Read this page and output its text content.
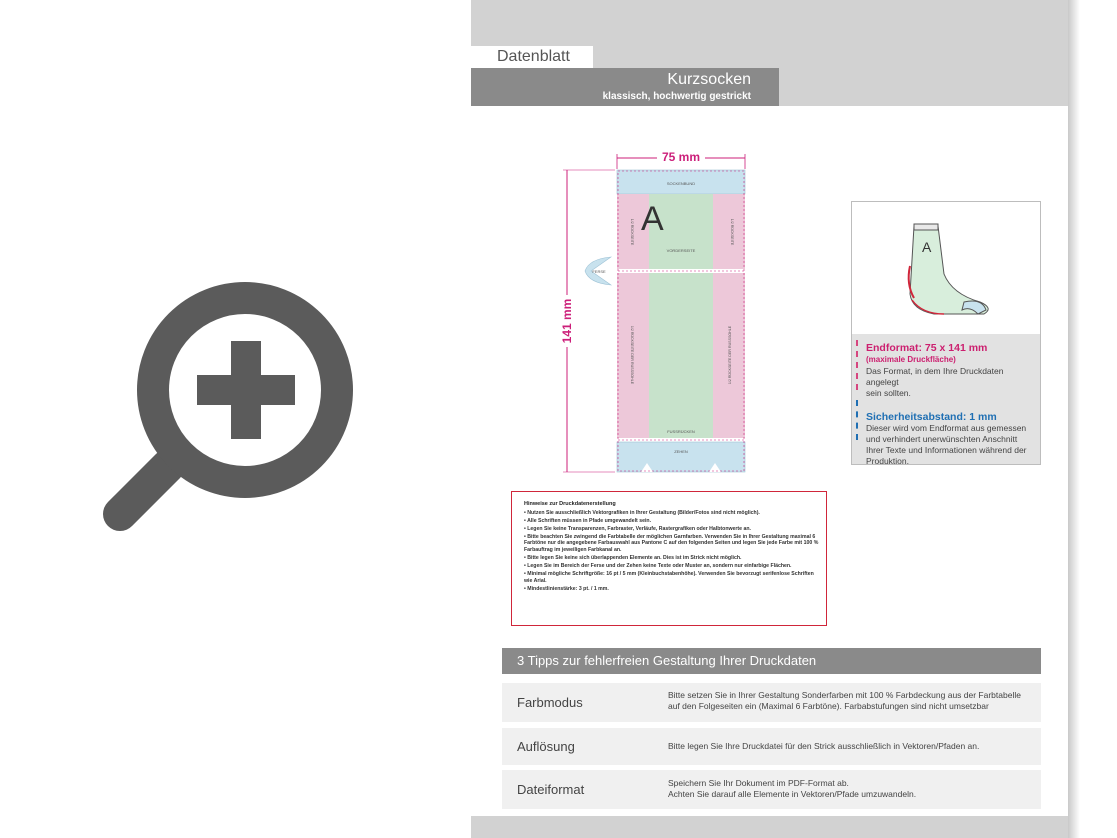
Datenblatt
Kurzsocken
klassisch, hochwertig gestrickt
75 mm
141 mm
SOCKENBUND
VORDERSEITE
1/2 RÜCKSEITE	1/2 RÜCKSEITE
A
FERSE
FUSSRÜCKEN
1/2 RÜCKSEITE DER RUSSSOHLE	1/2 RÜCKSEITE DER RUSSSOHLE
ZEHEN
A
Endformat: 75 x 141 mm
(maximale Druckfläche)
Das Format, in dem Ihre Druckdaten angelegt
sein sollten.
Sicherheitsabstand: 1 mm
Dieser wird vom Endformat aus gemessen
und verhindert unerwünschten Anschnitt
Ihrer Texte und Informationen während der
Produktion.
Hinweise zur Druckdatenerstellung
• Nutzen Sie ausschließlich Vektorgrafiken in Ihrer Gestaltung (Bilder/Fotos sind nicht möglich).
• Alle Schriften müssen in Pfade umgewandelt sein.
• Legen Sie keine Transparenzen, Farbraster, Verläufe, Rastergrafiken oder Halbtonwerte an.
• Bitte beachten Sie zwingend die Farbtabelle der möglichen Garnfarben. Verwenden Sie in Ihrer Gestaltung maximal 6 Farbtöne nur die angegebene Farbauswahl aus Pantone C auf den folgenden Seiten und legen Sie jede Farbe mit 100 % Farbauftrag im jeweiligen Farbkanal an.
• Bitte legen Sie keine sich überlappenden Elemente an. Dies ist im Strick nicht möglich.
• Legen Sie im Bereich der Ferse und der Zehen keine Texte oder Muster an, sondern nur einfarbige Flächen.
• Minimal mögliche Schriftgröße: 16 pt / 5 mm (Kleinbuchstabenhöhe). Verwenden Sie bevorzugt serifenlose Schriften wie Arial.
• Mindestlinienstärke: 3 pt. / 1 mm.
3 Tipps zur fehlerfreien Gestaltung Ihrer Druckdaten
Farbmodus	Bitte setzen Sie in Ihrer Gestaltung Sonderfarben mit 100 % Farbdeckung aus der Farbtabelle
auf den Folgeseiten ein (Maximal 6 Farbtöne). Farbabstufungen sind nicht umsetzbar
Auflösung	Bitte legen Sie Ihre Druckdatei für den Strick ausschließlich in Vektoren/Pfaden an.
Dateiformat	Speichern Sie Ihr Dokument im PDF-Format ab.
Achten Sie darauf alle Elemente in Vektoren/Pfade umzuwandeln.
